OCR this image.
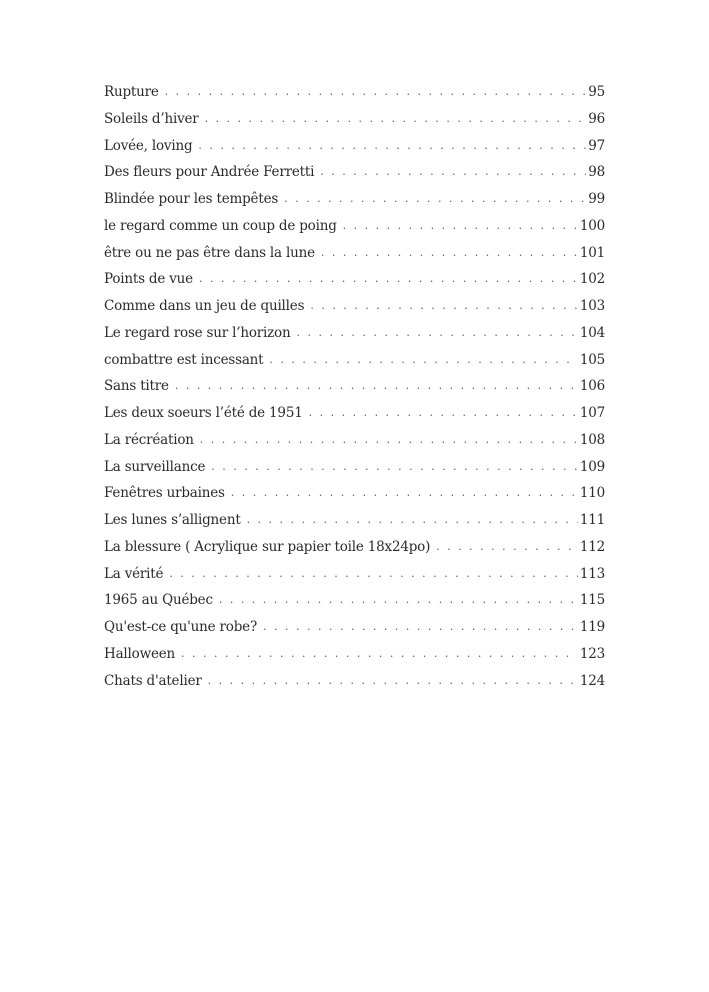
Rupture . . .	95
Soleils d’hiver . . .	96
Lovée, loving . . .	97
Des fleurs pour Andrée Ferretti . . .	98
Blindée pour les tempêtes . . .	99
le regard comme un coup de poing . . .	100
être ou ne pas être dans la lune . . .	101
Points de vue . . .	102
Comme dans un jeu de quilles . . .	103
Le regard rose sur l’horizon . . .	104
combattre est incessant . . .	105
Sans titre . . .	106
Les deux soeurs l’été de 1951 . . .	107
La récréation . . .	108
La surveillance . . .	109
Fenêtres urbaines . . .	110
Les lunes s’allignent . . .	111
La blessure ( Acrylique sur papier toile 18x24po) . . .	112
La vérité . . .	113
1965 au Québec . . .	115
Qu'est-ce qu'une robe? . . .	119
Halloween . . .	123
Chats d'atelier . . .	124
